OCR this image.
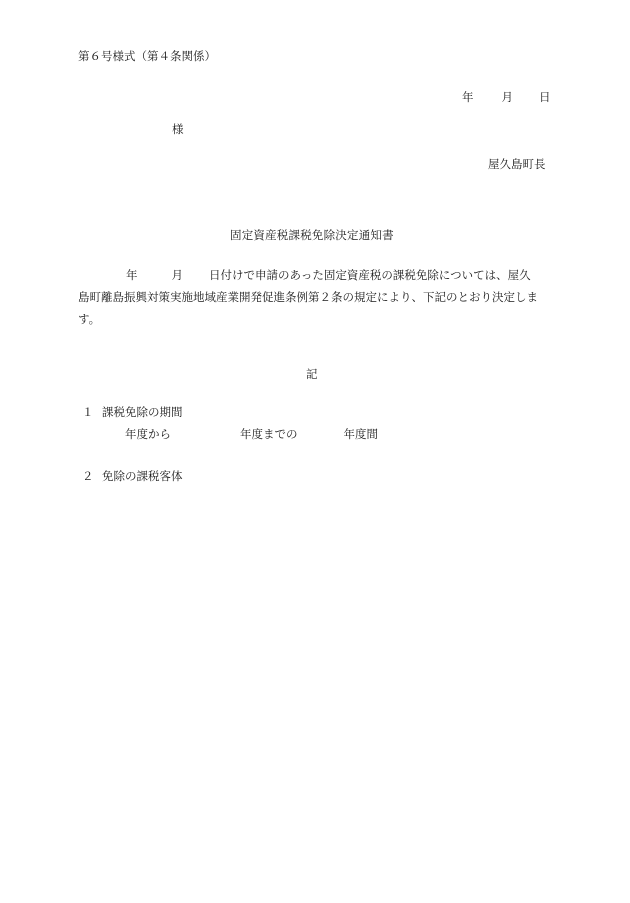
第６号様式（第４条関係）
年 月 日
様
屋久島町長
固定資産税課税免除決定通知書
年	月 日付けで申請のあった固定資産税の課税免除については、屋久
島町離島振興対策実施地域産業開発促進条例第２条の規定により、下記のとおり決定しま
す。
記
１ 課税免除の期間
年度から	年度までの	年度間
２ 免除の課税客体
